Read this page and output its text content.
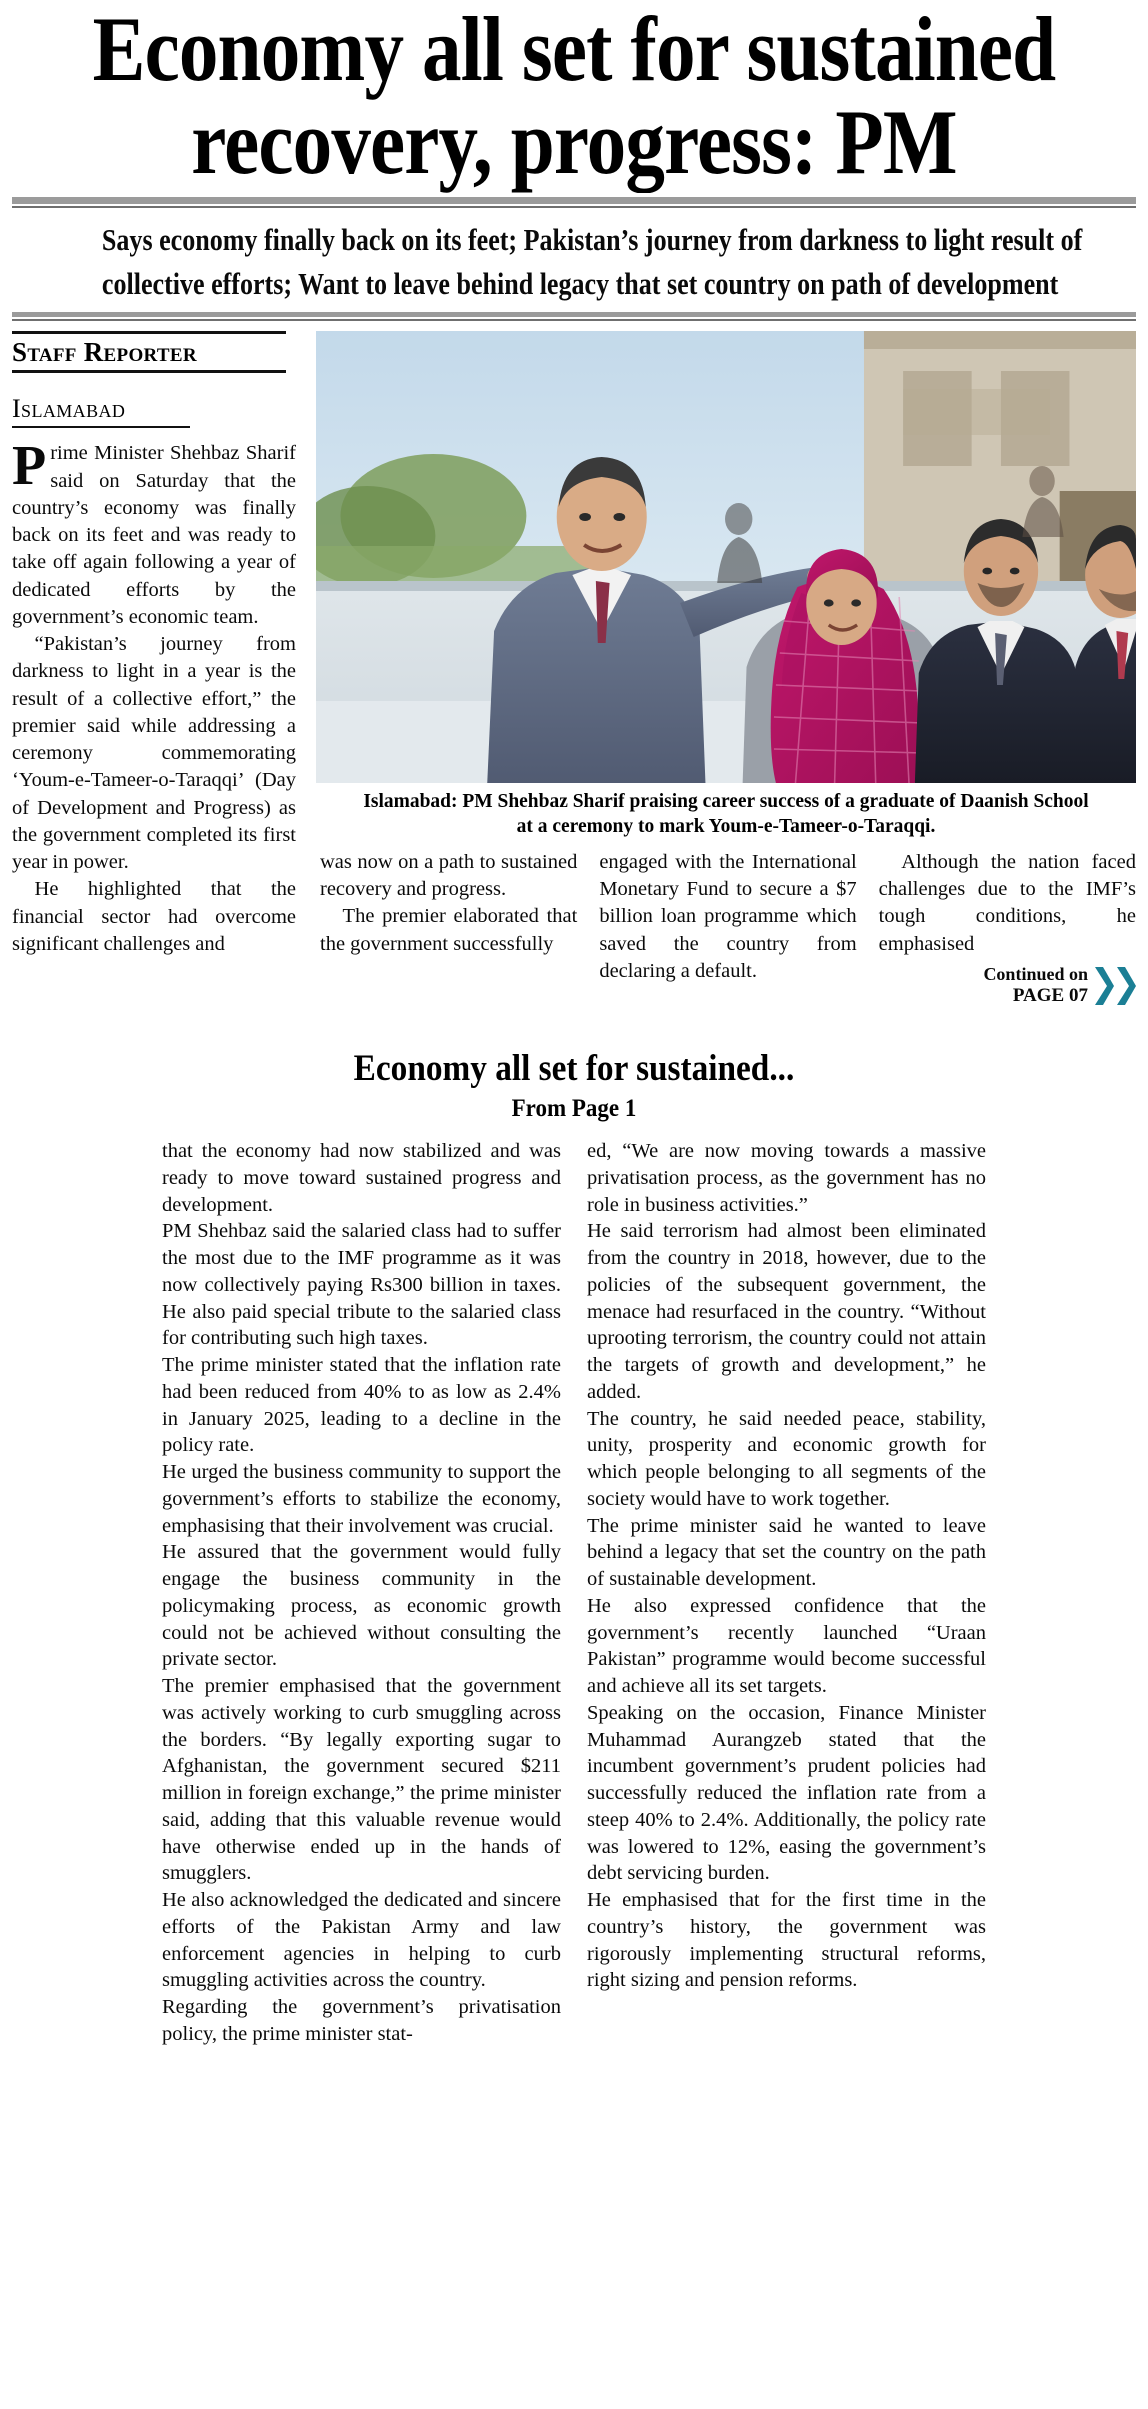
Economy all set for sustained
recovery, progress: PM
Says economy finally back on its feet; Pakistan’s journey from darkness to light result of
collective efforts; Want to leave behind legacy that set country on path of development
Staff Reporter
Islamabad

Prime Minister Shehbaz Sharif said on Saturday that the country’s economy was finally back on its feet and was ready to take off again following a year of dedicated efforts by the government’s economic team.

“Pakistan’s journey from darkness to light in a year is the result of a collective effort,” the premier said while addressing a ceremony commemorating ‘Youm-e-Tameer-o-Taraqqi’ (Day of Development and Progress) as the government completed its first year in power.

He highlighted that the financial sector had overcome significant challenges and

Islamabad: PM Shehbaz Sharif praising career success of a graduate of Daanish School at a ceremony to mark Youm-e-Tameer-o-Taraqqi.

was now on a path to sustained recovery and progress.

The premier elaborated that the government successfully

engaged with the International Monetary Fund to secure a $7 billion loan programme which saved the country from declaring a default.

Although the nation faced challenges due to the IMF’s tough conditions, he emphasised

Continued on
PAGE 07
Economy all set for sustained...
From Page 1

that the economy had now stabilized and was ready to move toward sustained progress and development.

PM Shehbaz said the salaried class had to suffer the most due to the IMF programme as it was now collectively paying Rs300 billion in taxes. He also paid special tribute to the salaried class for contributing such high taxes.

The prime minister stated that the inflation rate had been reduced from 40% to as low as 2.4% in January 2025, leading to a decline in the policy rate.

He urged the business community to support the government’s efforts to stabilize the economy, emphasising that their involvement was crucial.

He assured that the government would fully engage the business community in the policymaking process, as economic growth could not be achieved without consulting the private sector.

The premier emphasised that the government was actively working to curb smuggling across the borders. “By legally exporting sugar to Afghanistan, the government secured $211 million in foreign exchange,” the prime minister said, adding that this valuable revenue would have otherwise ended up in the hands of smugglers.

He also acknowledged the dedicated and sincere efforts of the Pakistan Army and law enforcement agencies in helping to curb smuggling activities across the country.

Regarding the government’s privatisation policy, the prime minister stat-

ed, “We are now moving towards a massive privatisation process, as the government has no role in business activities.”

He said terrorism had almost been eliminated from the country in 2018, however, due to the policies of the subsequent government, the menace had resurfaced in the country. “Without uprooting terrorism, the country could not attain the targets of growth and development,” he added.

The country, he said needed peace, stability, unity, prosperity and economic growth for which people belonging to all segments of the society would have to work together.

The prime minister said he wanted to leave behind a legacy that set the country on the path of sustainable development.

He also expressed confidence that the government’s recently launched “Uraan Pakistan” programme would become successful and achieve all its set targets.

Speaking on the occasion, Finance Minister Muhammad Aurangzeb stated that the incumbent government’s prudent policies had successfully reduced the inflation rate from a steep 40% to 2.4%. Additionally, the policy rate was lowered to 12%, easing the government’s debt servicing burden.

He emphasised that for the first time in the country’s history, the government was rigorously implementing structural reforms, right sizing and pension reforms.
